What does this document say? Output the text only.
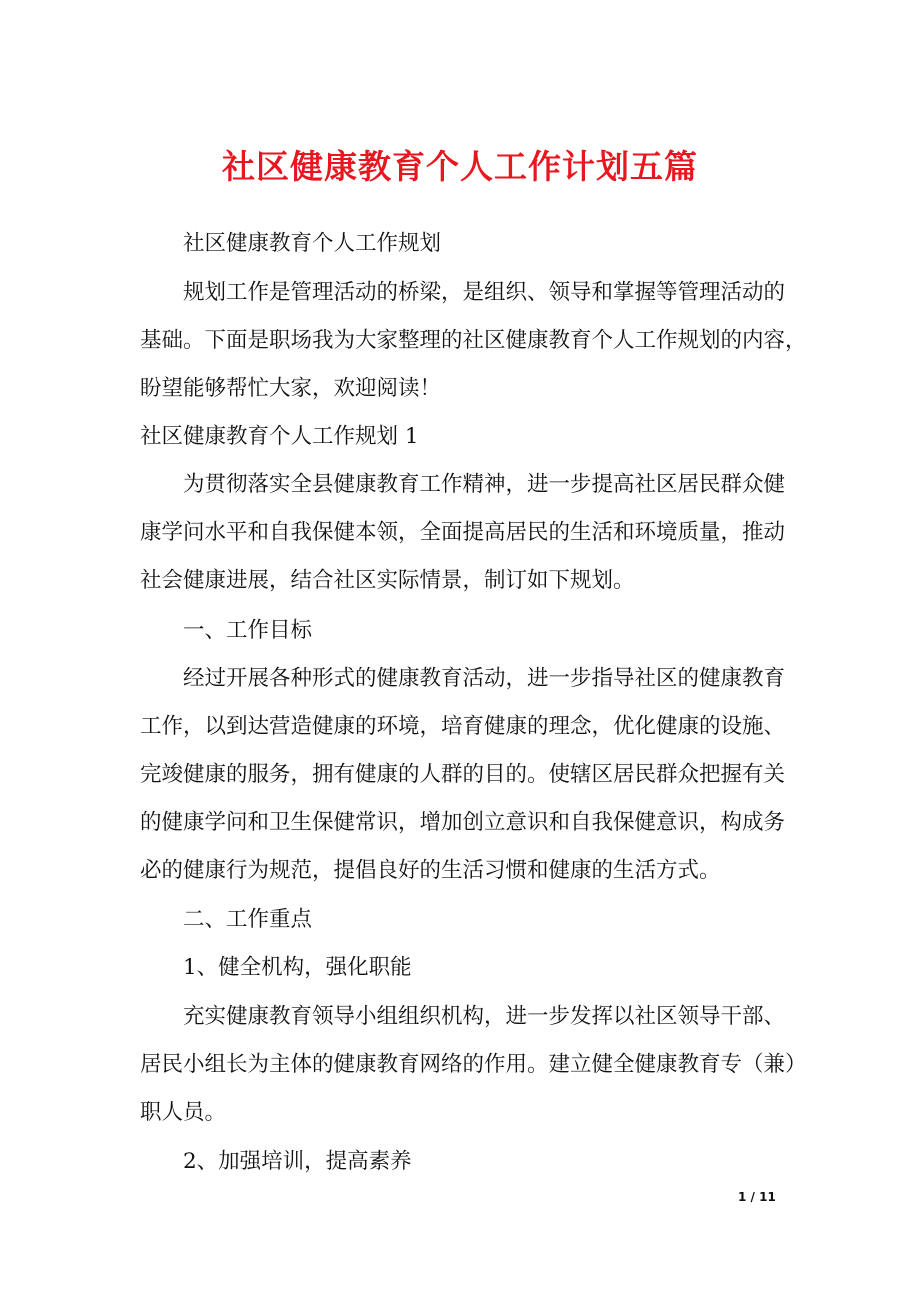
社区健康教育个人工作计划五篇
社区健康教育个人工作规划
规划工作是管理活动的桥梁，是组织、领导和掌握等管理活动的
基础。下面是职场我为大家整理的社区健康教育个人工作规划的内容，
盼望能够帮忙大家，欢迎阅读！
社区健康教育个人工作规划 1
为贯彻落实全县健康教育工作精神，进一步提高社区居民群众健
康学问水平和自我保健本领，全面提高居民的生活和环境质量，推动
社会健康进展，结合社区实际情景，制订如下规划。
一、工作目标
经过开展各种形式的健康教育活动，进一步指导社区的健康教育
工作，以到达营造健康的环境，培育健康的理念，优化健康的设施、
完竣健康的服务，拥有健康的人群的目的。使辖区居民群众把握有关
的健康学问和卫生保健常识，增加创立意识和自我保健意识，构成务
必的健康行为规范，提倡良好的生活习惯和健康的生活方式。
二、工作重点
1、健全机构，强化职能
充实健康教育领导小组组织机构，进一步发挥以社区领导干部、
居民小组长为主体的健康教育网络的作用。建立健全健康教育专（兼）
职人员。
2、加强培训，提高素养
1 / 11
